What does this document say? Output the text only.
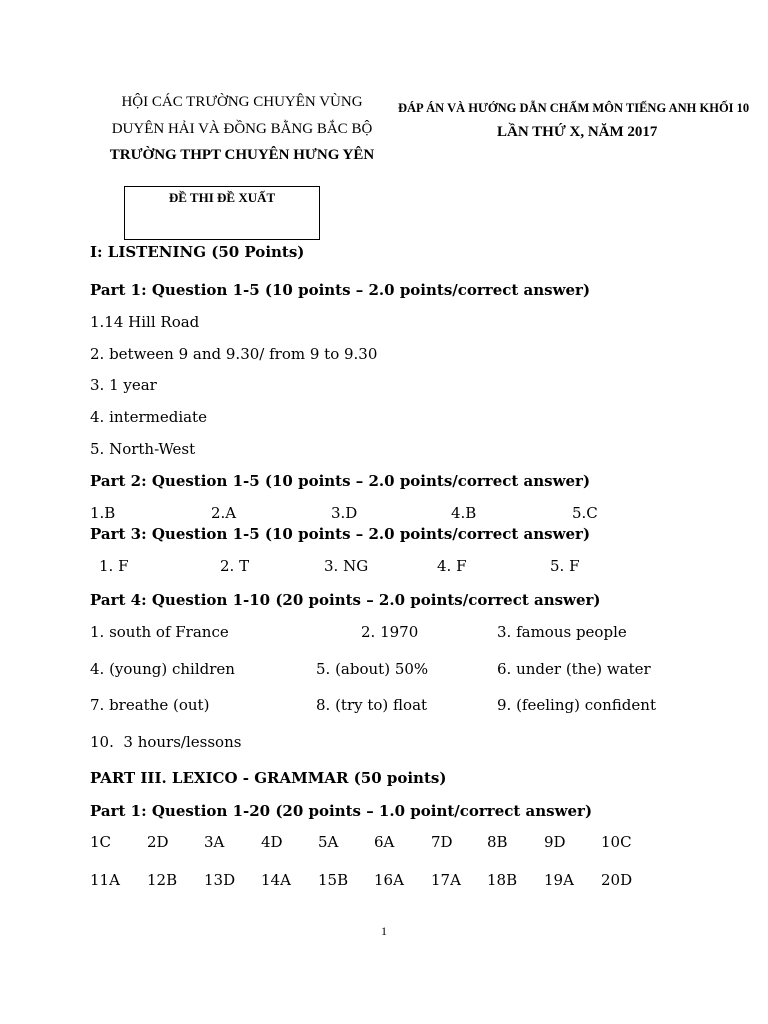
HỘI CÁC TRƯỜNG CHUYÊN VÙNG
DUYÊN HẢI VÀ ĐỒNG BẰNG BẮC BỘ
TRƯỜNG THPT CHUYÊN HƯNG YÊN
ĐÁP ÁN VÀ HƯỚNG DẪN CHẤM MÔN TIẾNG ANH KHỐI 10
LẦN THỨ X, NĂM 2017
ĐỀ THI ĐỀ XUẤT
I: LISTENING (50 Points)
Part 1: Question 1-5 (10 points – 2.0 points/correct answer)
1.14 Hill Road
2. between 9 and 9.30/ from 9 to 9.30
3. 1 year
4. intermediate
5. North-West
Part 2: Question 1-5 (10 points – 2.0 points/correct answer)
1.B	2.A	3.D	4.B	5.C
Part 3: Question 1-5 (10 points – 2.0 points/correct answer)
1. F	2. T	3. NG	4. F	5. F
Part 4: Question 1-10 (20 points – 2.0 points/correct answer)
1. south of France	2. 1970	3. famous people
4. (young) children	5. (about) 50%	6. under (the) water
7. breathe (out)	8. (try to) float	9. (feeling) confident
10.  3 hours/lessons
PART III. LEXICO - GRAMMAR (50 points)
Part 1: Question 1-20 (20 points – 1.0 point/correct answer)
1C 2D 3A 4D 5A 6A 7D 8B 9D 10C
11A 12B 13D 14A 15B 16A 17A 18B 19A 20D
1
